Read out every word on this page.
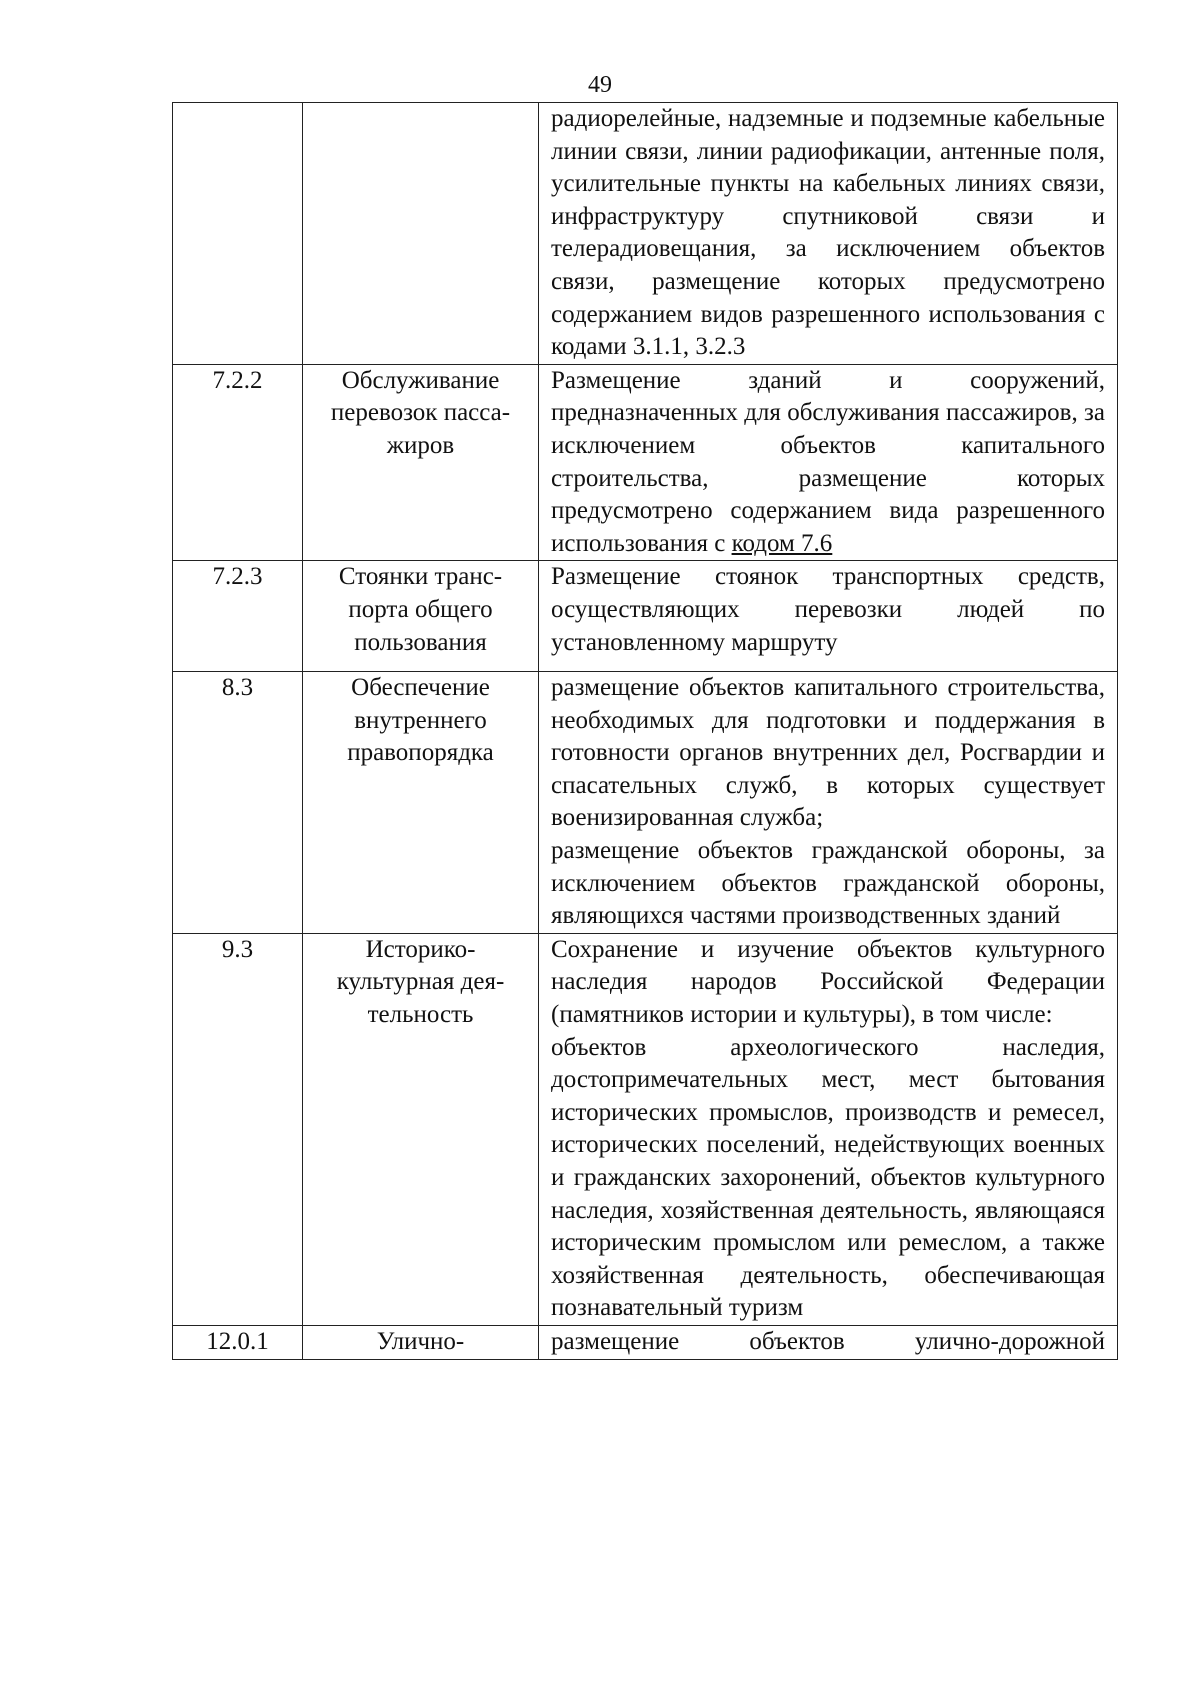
49

		радиорелейные, надземные и подземные кабельные линии связи, линии радиофикации, антенные поля, усилительные пункты на кабельных линиях связи, инфраструктуру спутниковой связи и телерадиовещания, за исключением объектов связи, размещение которых предусмотрено содержанием видов разрешенного использования с кодами 3.1.1, 3.2.3

7.2.2	Обслуживание перевозок пасса-жиров	Размещение зданий и сооружений, предназначенных для обслуживания пассажиров, за исключением объектов капитального строительства, размещение которых предусмотрено содержанием вида разрешенного использования с кодом 7.6

7.2.3	Стоянки транс-порта общего пользования	Размещение стоянок транспортных средств, осуществляющих перевозки людей по установленному маршруту

8.3	Обеспечение внутреннего правопорядка	размещение объектов капитального строительства, необходимых для подготовки и поддержания в готовности органов внутренних дел, Росгвардии и спасательных служб, в которых существует военизированная служба;
размещение объектов гражданской обороны, за исключением объектов гражданской обороны, являющихся частями производственных зданий

9.3	Историко-культурная дея-тельность	Сохранение и изучение объектов культурного наследия народов Российской Федерации (памятников истории и культуры), в том числе:
объектов археологического наследия, достопримечательных мест, мест бытования исторических промыслов, производств и ремесел, исторических поселений, недействующих военных и гражданских захоронений, объектов культурного наследия, хозяйственная деятельность, являющаяся историческим промыслом или ремеслом, а также хозяйственная деятельность, обеспечивающая познавательный туризм

12.0.1	Улично-	размещение объектов улично-дорожной
